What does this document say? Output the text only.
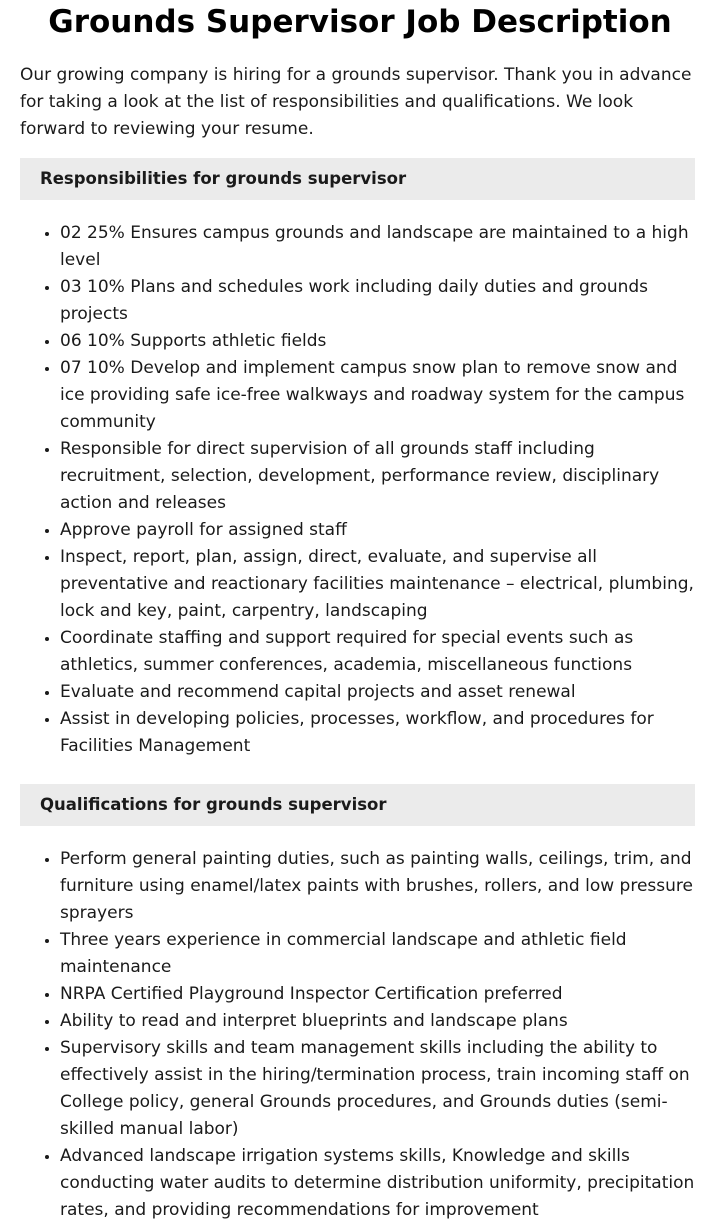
Grounds Supervisor Job Description

Our growing company is hiring for a grounds supervisor. Thank you in advance for taking a look at the list of responsibilities and qualifications. We look forward to reviewing your resume.

Responsibilities for grounds supervisor
• 02 25% Ensures campus grounds and landscape are maintained to a high level
• 03 10% Plans and schedules work including daily duties and grounds projects
• 06 10% Supports athletic fields
• 07 10% Develop and implement campus snow plan to remove snow and ice providing safe ice-free walkways and roadway system for the campus community
• Responsible for direct supervision of all grounds staff including recruitment, selection, development, performance review, disciplinary action and releases
• Approve payroll for assigned staff
• Inspect, report, plan, assign, direct, evaluate, and supervise all preventative and reactionary facilities maintenance – electrical, plumbing, lock and key, paint, carpentry, landscaping
• Coordinate staffing and support required for special events such as athletics, summer conferences, academia, miscellaneous functions
• Evaluate and recommend capital projects and asset renewal
• Assist in developing policies, processes, workflow, and procedures for Facilities Management
Qualifications for grounds supervisor
• Perform general painting duties, such as painting walls, ceilings, trim, and furniture using enamel/latex paints with brushes, rollers, and low pressure sprayers
• Three years experience in commercial landscape and athletic field maintenance
• NRPA Certified Playground Inspector Certification preferred
• Ability to read and interpret blueprints and landscape plans
• Supervisory skills and team management skills including the ability to effectively assist in the hiring/termination process, train incoming staff on College policy, general Grounds procedures, and Grounds duties (semi-skilled manual labor)
• Advanced landscape irrigation systems skills, Knowledge and skills conducting water audits to determine distribution uniformity, precipitation rates, and providing recommendations for improvement
